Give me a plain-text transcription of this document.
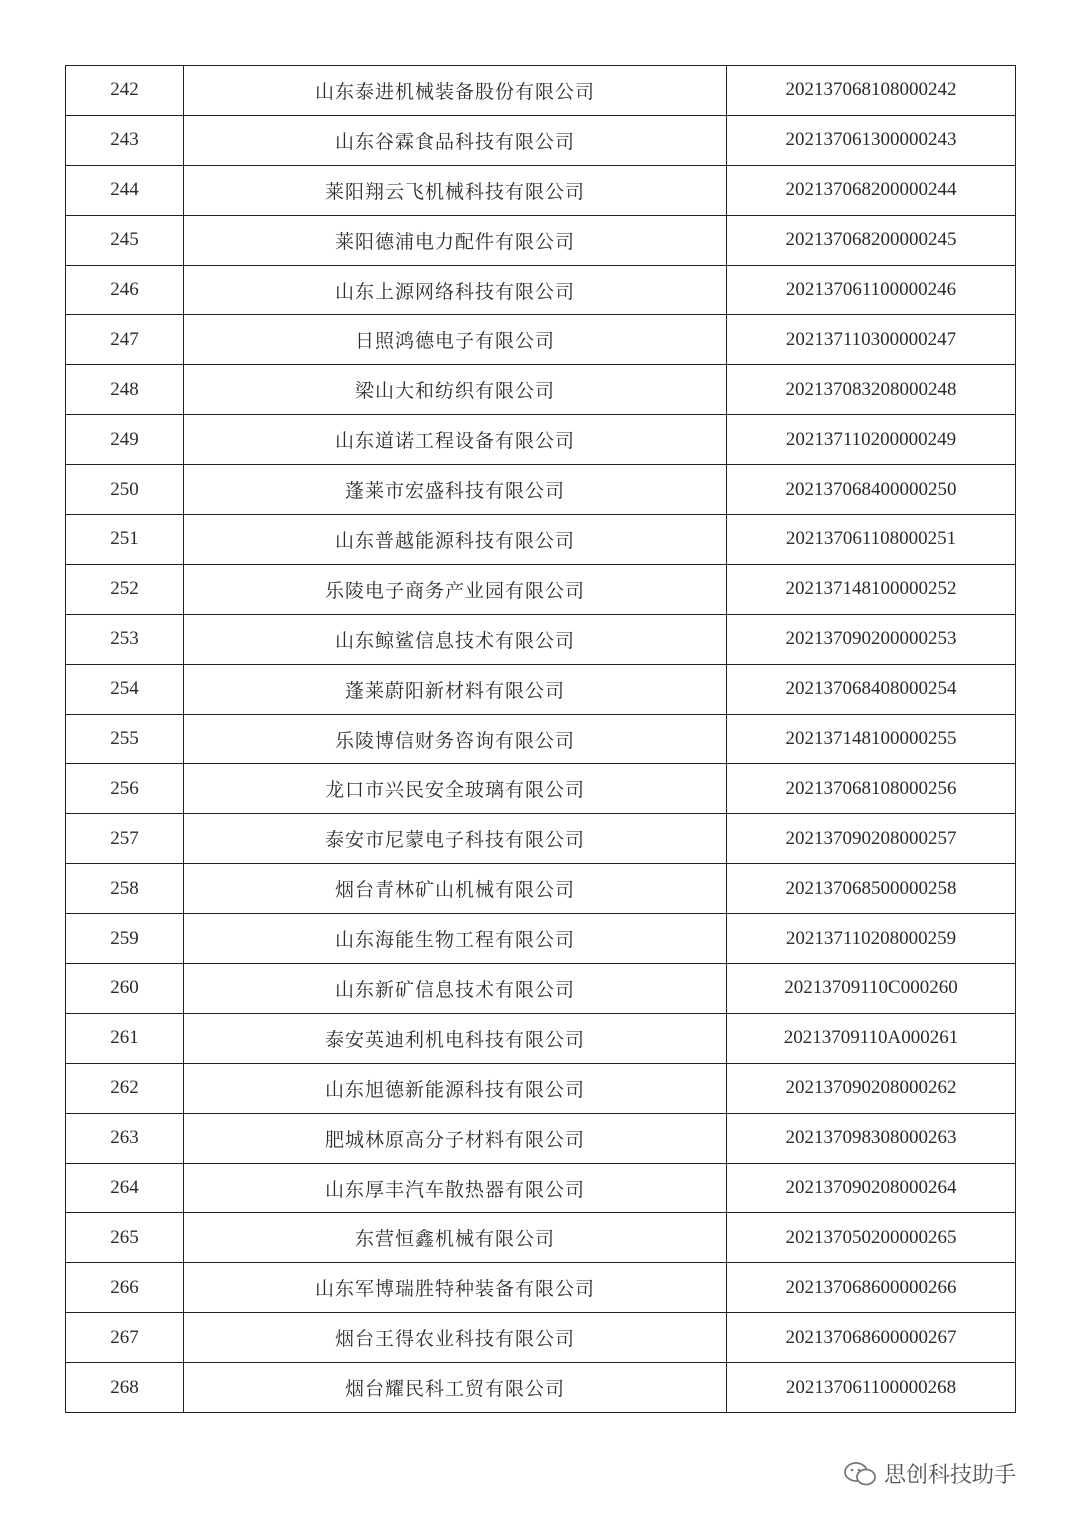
242	山东泰进机械装备股份有限公司	202137068108000242
243	山东谷霖食品科技有限公司	202137061300000243
244	莱阳翔云飞机械科技有限公司	202137068200000244
245	莱阳德浦电力配件有限公司	202137068200000245
246	山东上源网络科技有限公司	202137061100000246
247	日照鸿德电子有限公司	202137110300000247
248	梁山大和纺织有限公司	202137083208000248
249	山东道诺工程设备有限公司	202137110200000249
250	蓬莱市宏盛科技有限公司	202137068400000250
251	山东普越能源科技有限公司	202137061108000251
252	乐陵电子商务产业园有限公司	202137148100000252
253	山东鲸鲨信息技术有限公司	202137090200000253
254	蓬莱蔚阳新材料有限公司	202137068408000254
255	乐陵博信财务咨询有限公司	202137148100000255
256	龙口市兴民安全玻璃有限公司	202137068108000256
257	泰安市尼蒙电子科技有限公司	202137090208000257
258	烟台青林矿山机械有限公司	202137068500000258
259	山东海能生物工程有限公司	202137110208000259
260	山东新矿信息技术有限公司	20213709110C000260
261	泰安英迪利机电科技有限公司	20213709110A000261
262	山东旭德新能源科技有限公司	202137090208000262
263	肥城林原高分子材料有限公司	202137098308000263
264	山东厚丰汽车散热器有限公司	202137090208000264
265	东营恒鑫机械有限公司	202137050200000265
266	山东军博瑞胜特种装备有限公司	202137068600000266
267	烟台王得农业科技有限公司	202137068600000267
268	烟台耀民科工贸有限公司	202137061100000268
思创科技助手
